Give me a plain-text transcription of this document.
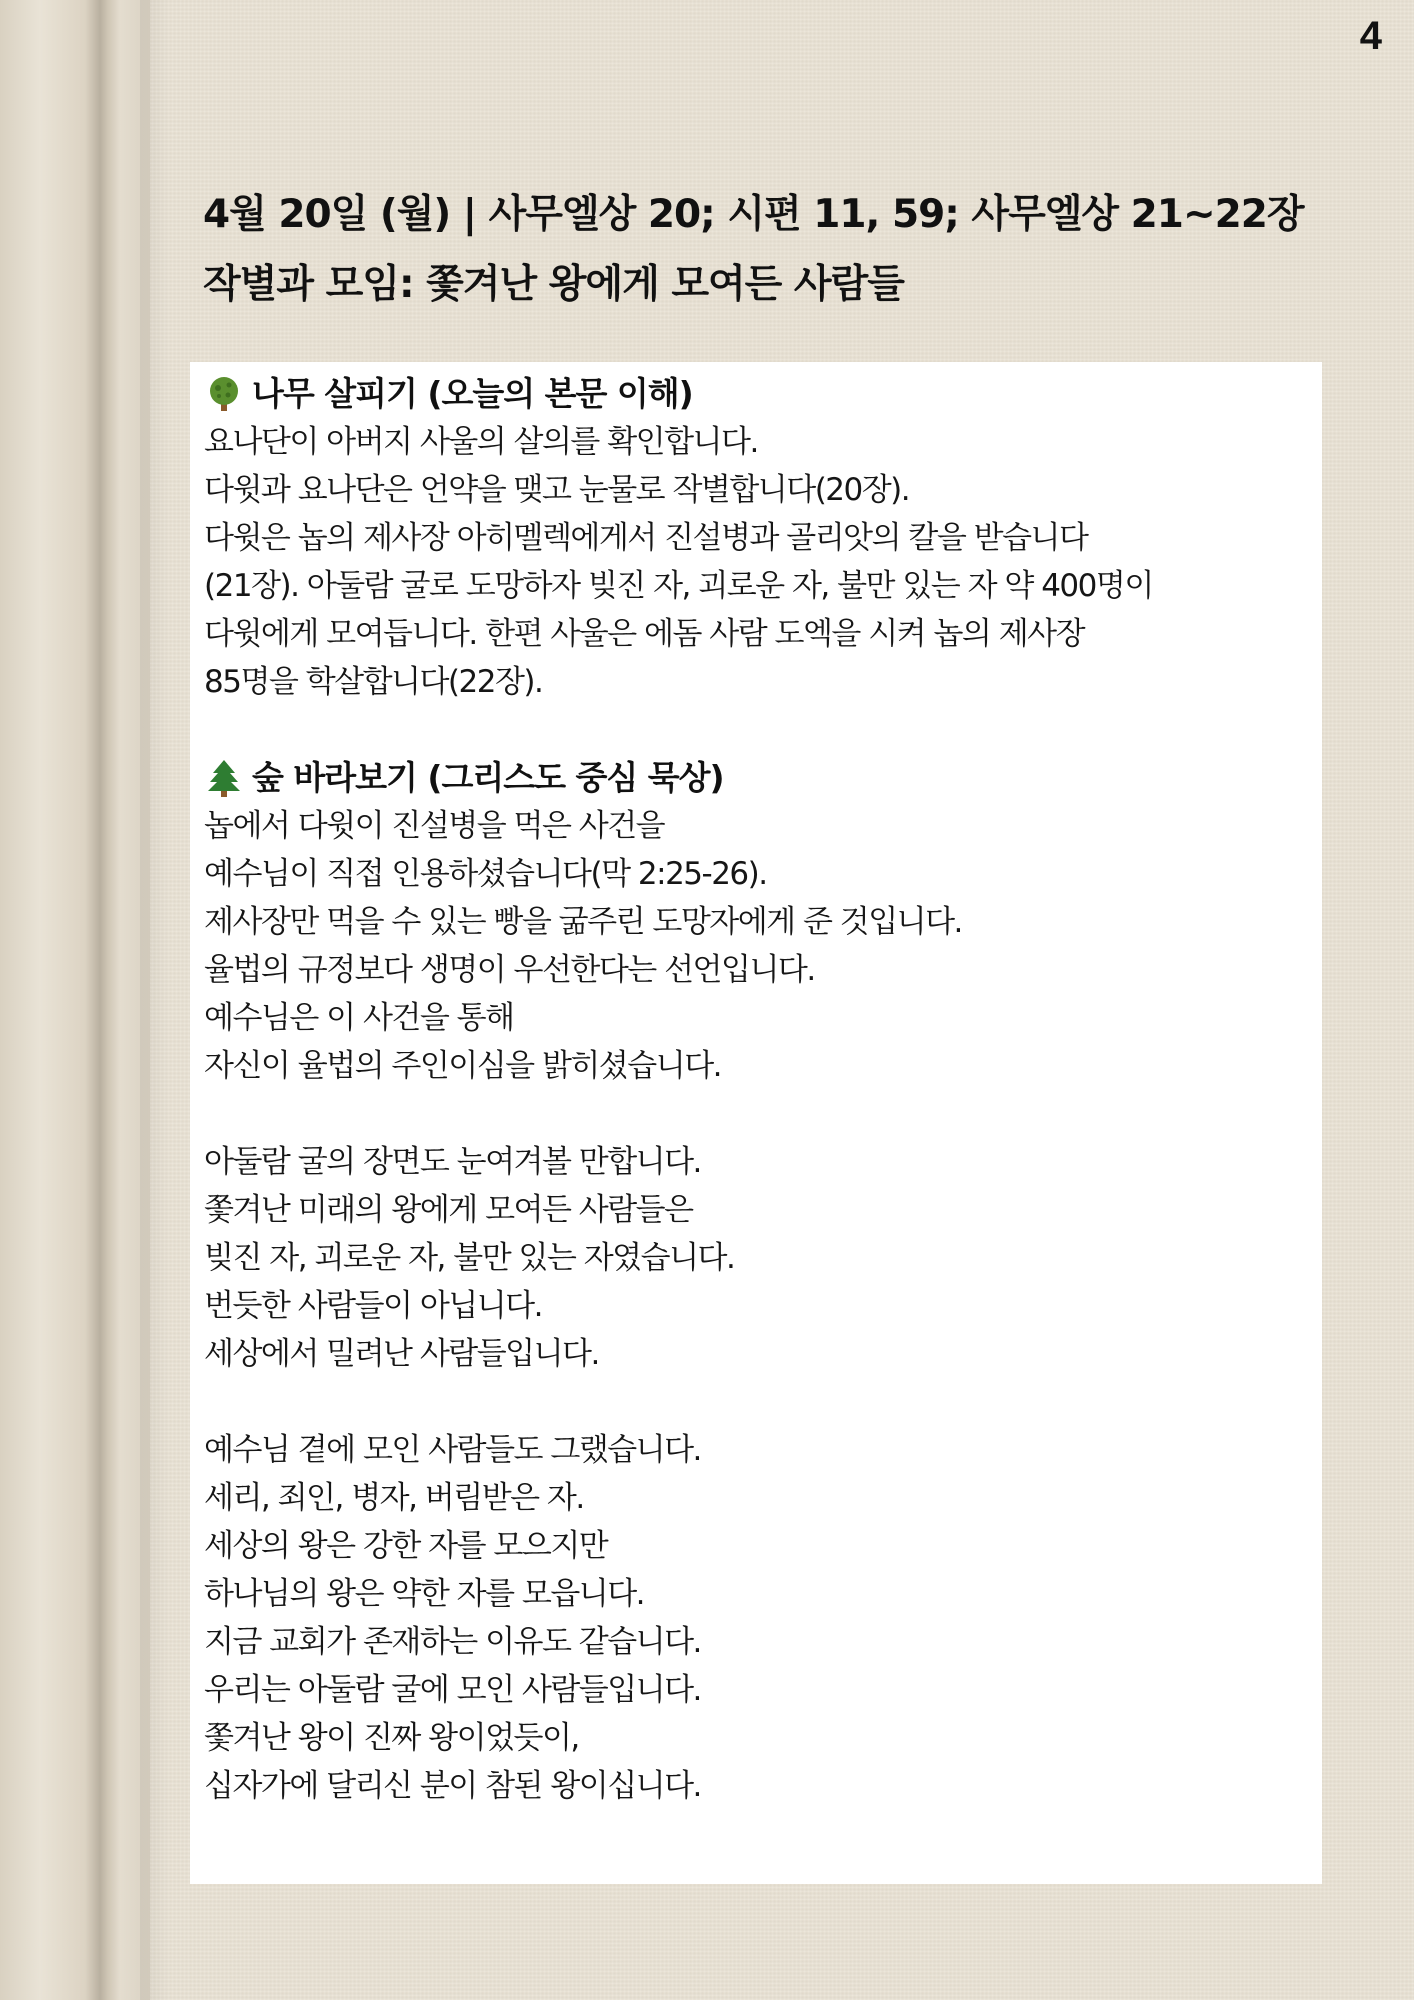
4
4월 20일 (월) | 사무엘상 20; 시편 11, 59; 사무엘상 21~22장
작별과 모임: 쫓겨난 왕에게 모여든 사람들
나무 살피기 (오늘의 본문 이해)
요나단이 아버지 사울의 살의를 확인합니다.
다윗과 요나단은 언약을 맺고 눈물로 작별합니다(20장).
다윗은 놉의 제사장 아히멜렉에게서 진설병과 골리앗의 칼을 받습니다
(21장). 아둘람 굴로 도망하자 빚진 자, 괴로운 자, 불만 있는 자 약 400명이
다윗에게 모여듭니다. 한편 사울은 에돔 사람 도엑을 시켜 놉의 제사장
85명을 학살합니다(22장).
숲 바라보기 (그리스도 중심 묵상)
놉에서 다윗이 진설병을 먹은 사건을
예수님이 직접 인용하셨습니다(막 2:25-26).
제사장만 먹을 수 있는 빵을 굶주린 도망자에게 준 것입니다.
율법의 규정보다 생명이 우선한다는 선언입니다.
예수님은 이 사건을 통해
자신이 율법의 주인이심을 밝히셨습니다.
아둘람 굴의 장면도 눈여겨볼 만합니다.
쫓겨난 미래의 왕에게 모여든 사람들은
빚진 자, 괴로운 자, 불만 있는 자였습니다.
번듯한 사람들이 아닙니다.
세상에서 밀려난 사람들입니다.
예수님 곁에 모인 사람들도 그랬습니다.
세리, 죄인, 병자, 버림받은 자.
세상의 왕은 강한 자를 모으지만
하나님의 왕은 약한 자를 모읍니다.
지금 교회가 존재하는 이유도 같습니다.
우리는 아둘람 굴에 모인 사람들입니다.
쫓겨난 왕이 진짜 왕이었듯이,
십자가에 달리신 분이 참된 왕이십니다.
